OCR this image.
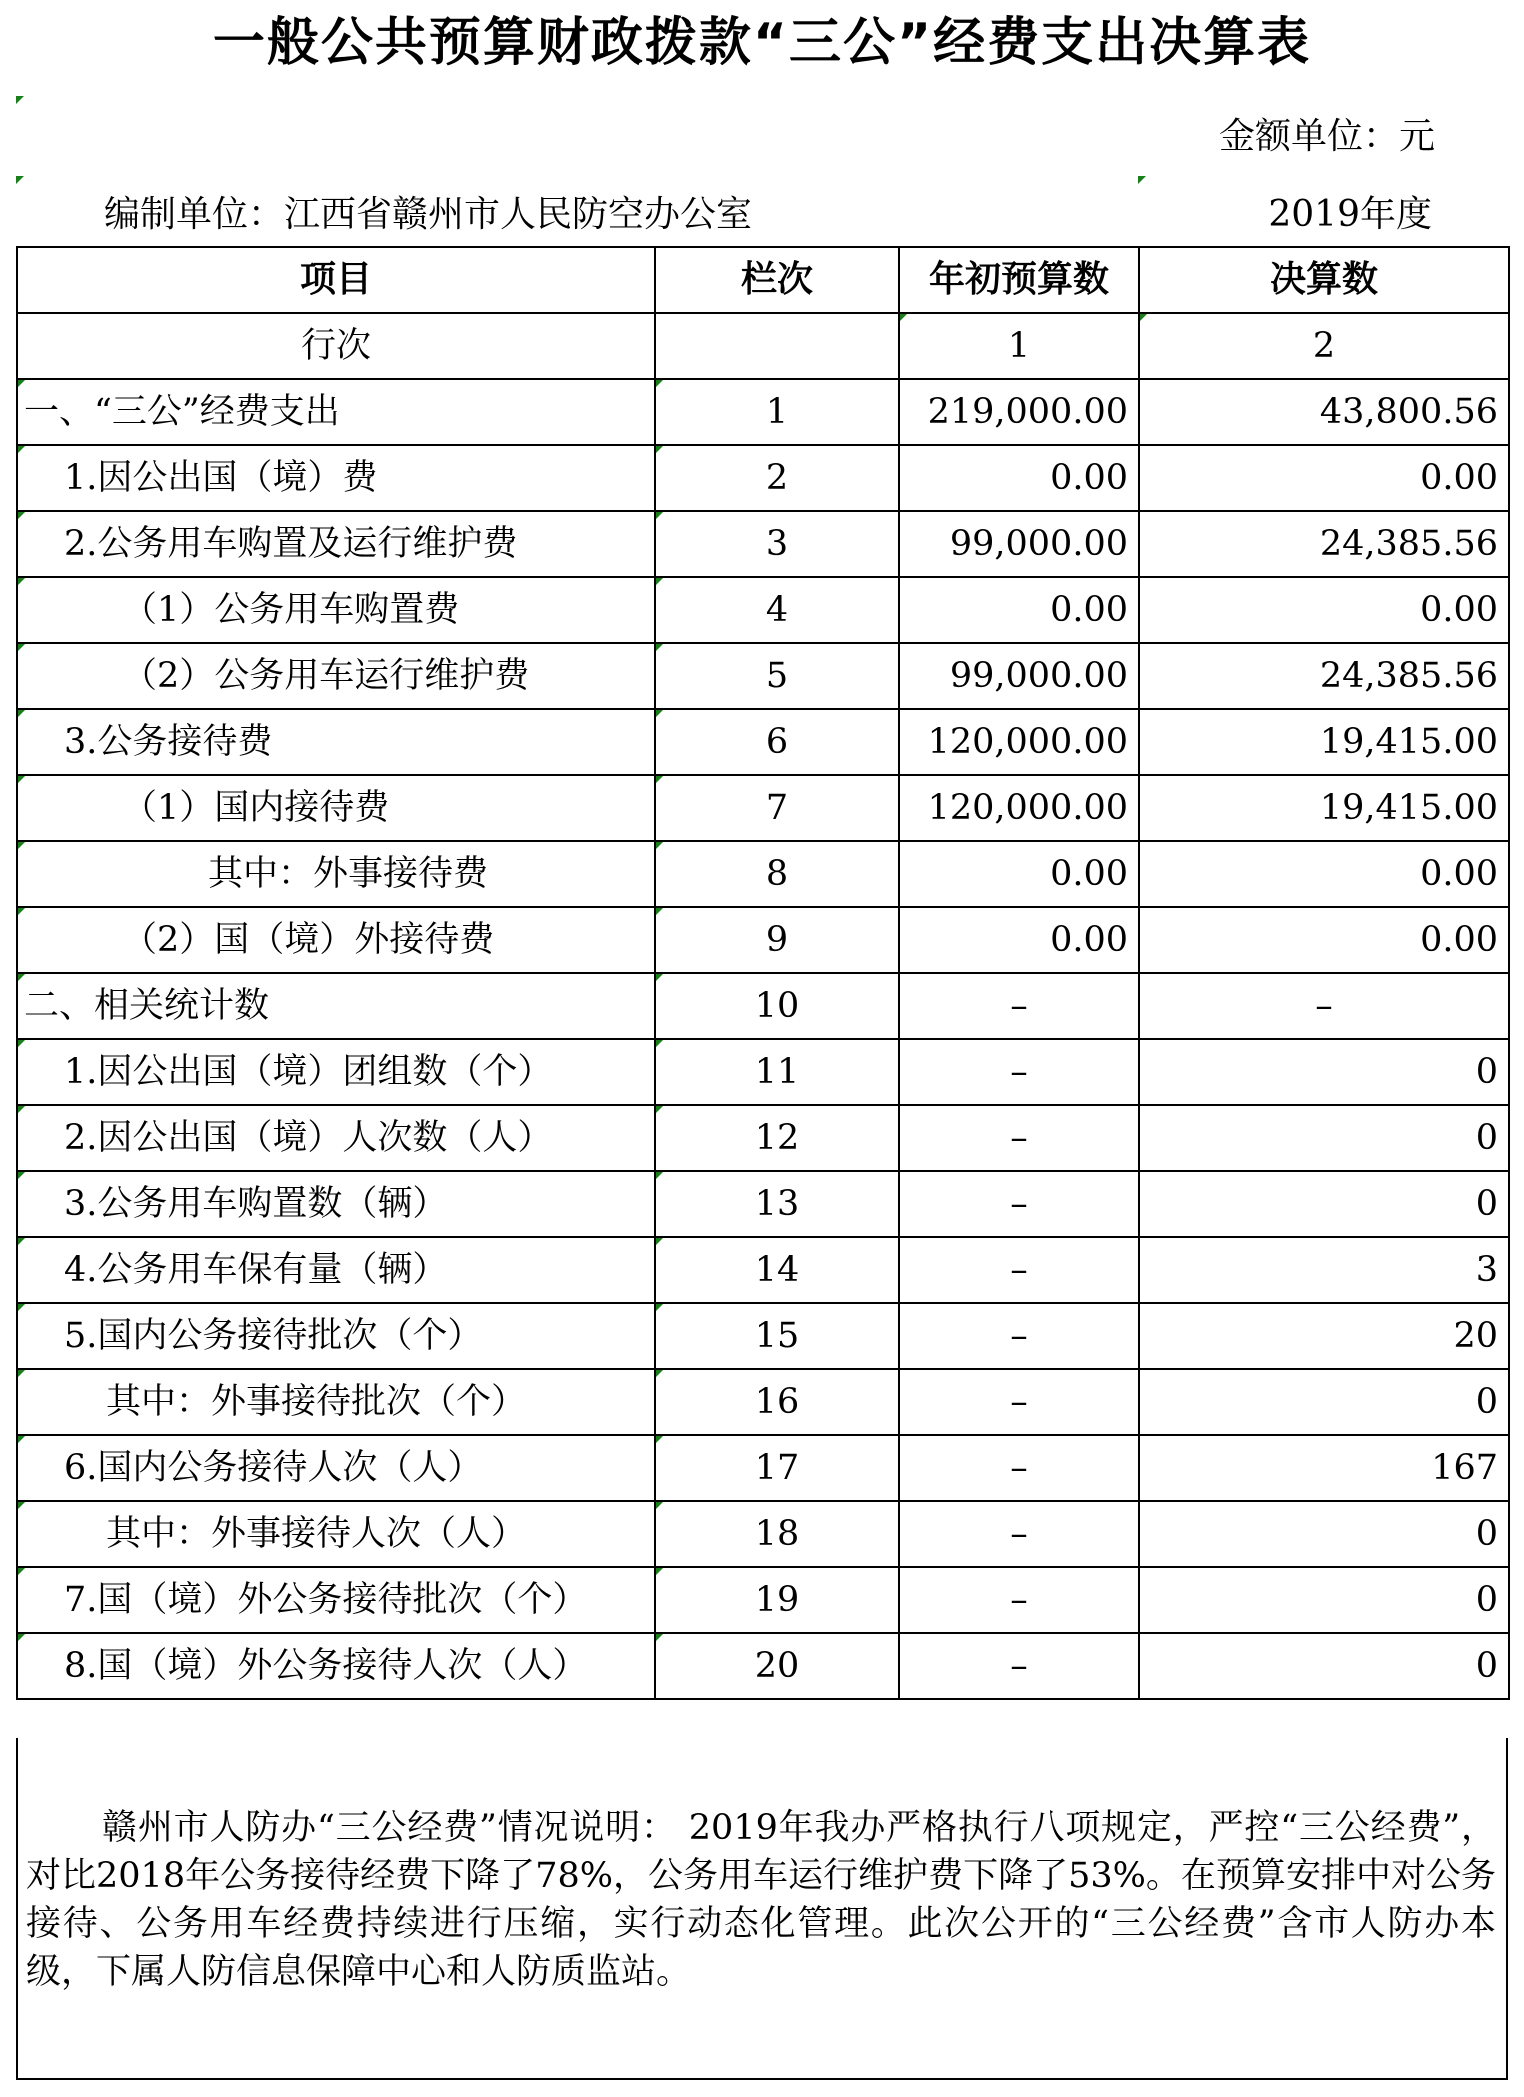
一般公共预算财政拨款“三公”经费支出决算表
金额单位：元
编制单位：江西省赣州市人民防空办公室	2019年度
项目	栏次	年初预算数	决算数
行次		1	2

一、“三公”经费支出	1	219,000.00	43,800.56
1.因公出国（境）费	2	0.00	0.00
2.公务用车购置及运行维护费	3	99,000.00	24,385.56
（1）公务用车购置费	4	0.00	0.00
（2）公务用车运行维护费	5	99,000.00	24,385.56
3.公务接待费	6	120,000.00	19,415.00
（1）国内接待费	7	120,000.00	19,415.00
其中：外事接待费	8	0.00	0.00
（2）国（境）外接待费	9	0.00	0.00
二、相关统计数	10	–	–
1.因公出国（境）团组数（个）	11	–	0
2.因公出国（境）人次数（人）	12	–	0
3.公务用车购置数（辆）	13	–	0
4.公务用车保有量（辆）	14	–	3
5.国内公务接待批次（个）	15	–	20
其中：外事接待批次（个）	16	–	0
6.国内公务接待人次（人）	17	–	167
其中：外事接待人次（人）	18	–	0
7.国（境）外公务接待批次（个）	19	–	0
8.国（境）外公务接待人次（人）	20	–	0
赣州市人防办“三公经费”情况说明： 2019年我办严格执行八项规定，严控“三公经费”， 对比2018年公务接待经费下降了78%，公务用车运行维护费下降了53%。在预算安排中对公务接待、公务用车经费持续进行压缩，实行动态化管理。此次公开的“三公经费”含市人防办本级，下属人防信息保障中心和人防质监站。
